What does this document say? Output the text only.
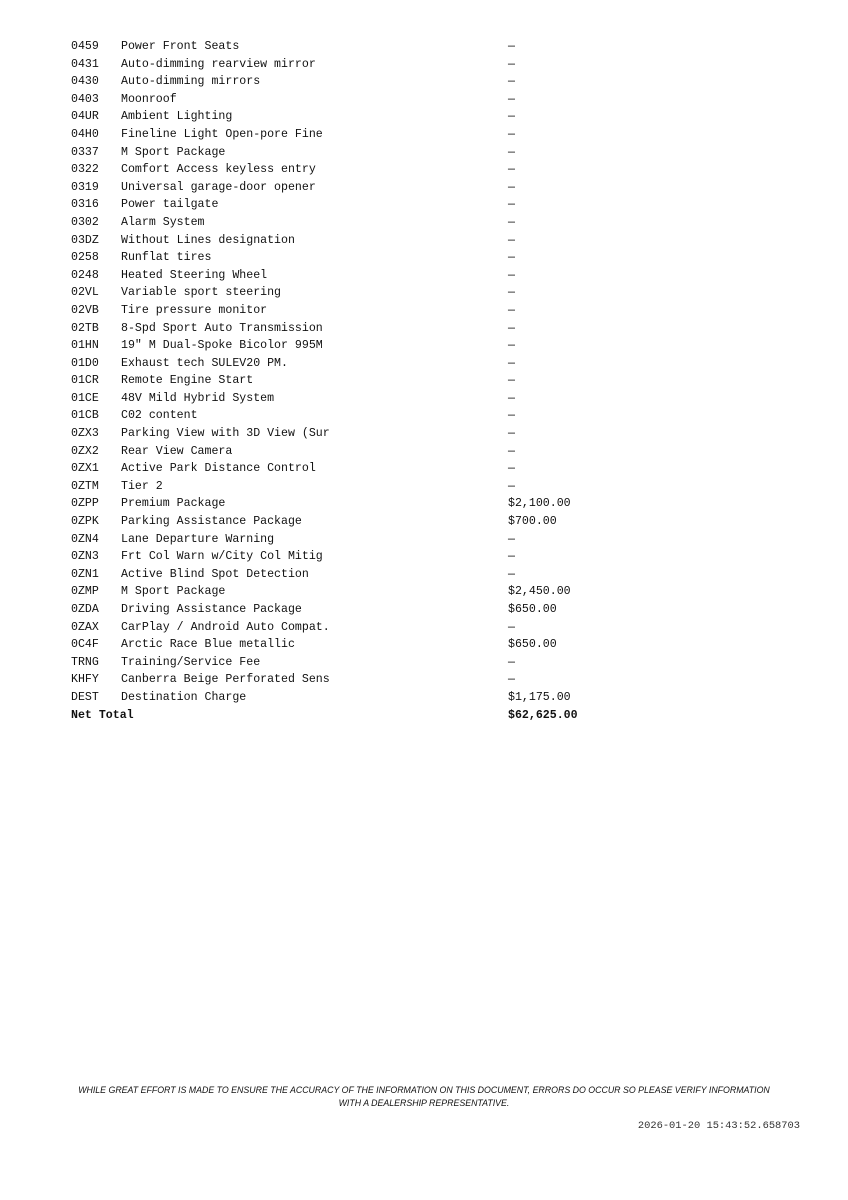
0459 Power Front Seats	—
0431 Auto-dimming rearview mirror	—
0430 Auto-dimming mirrors	—
0403 Moonroof	—
04UR Ambient Lighting	—
04H0 Fineline Light Open-pore Fine	—
0337 M Sport Package	—
0322 Comfort Access keyless entry	—
0319 Universal garage-door opener	—
0316 Power tailgate	—
0302 Alarm System	—
03DZ Without Lines designation	—
0258 Runflat tires	—
0248 Heated Steering Wheel	—
02VL Variable sport steering	—
02VB Tire pressure monitor	—
02TB 8-Spd Sport Auto Transmission	—
01HN 19" M Dual-Spoke Bicolor 995M	—
01D0 Exhaust tech SULEV20 PM.	—
01CR Remote Engine Start	—
01CE 48V Mild Hybrid System	—
01CB C02 content	—
0ZX3 Parking View with 3D View (Sur	—
0ZX2 Rear View Camera	—
0ZX1 Active Park Distance Control	—
0ZTM Tier 2	—
0ZPP Premium Package	$2,100.00
0ZPK Parking Assistance Package	$700.00
0ZN4 Lane Departure Warning	—
0ZN3 Frt Col Warn w/City Col Mitig	—
0ZN1 Active Blind Spot Detection	—
0ZMP M Sport Package	$2,450.00
0ZDA Driving Assistance Package	$650.00
0ZAX CarPlay / Android Auto Compat.	—
0C4F Arctic Race Blue metallic	$650.00
TRNG Training/Service Fee	—
KHFY Canberra Beige Perforated Sens	—
DEST Destination Charge	$1,175.00
Net Total	$62,625.00
WHILE GREAT EFFORT IS MADE TO ENSURE THE ACCURACY OF THE INFORMATION ON THIS DOCUMENT, ERRORS DO OCCUR SO PLEASE VERIFY INFORMATION WITH A DEALERSHIP REPRESENTATIVE.
2026-01-20 15:43:52.658703
